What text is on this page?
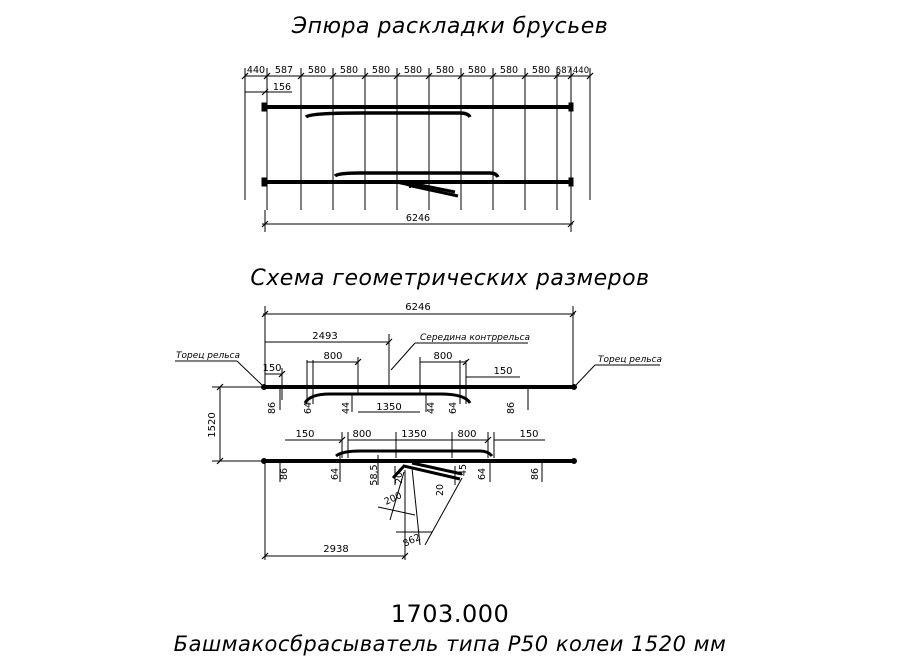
Эпюра раскладки брусьев
Схема геометрических размеров
1703.000
Башмакосбрасыватель типа Р50 колеи 1520 мм
440 587 580 580 580 580 580 580 580 580 587 440
156
6246
6246
2493	Середина контррельса
Торец рельса	Торец рельса
150
800	800
150
1350
86	64	44	44 64	86
1520	150	800	1350	800	150
86	64	58,5 20
45 64	86
20
200
862
2938
